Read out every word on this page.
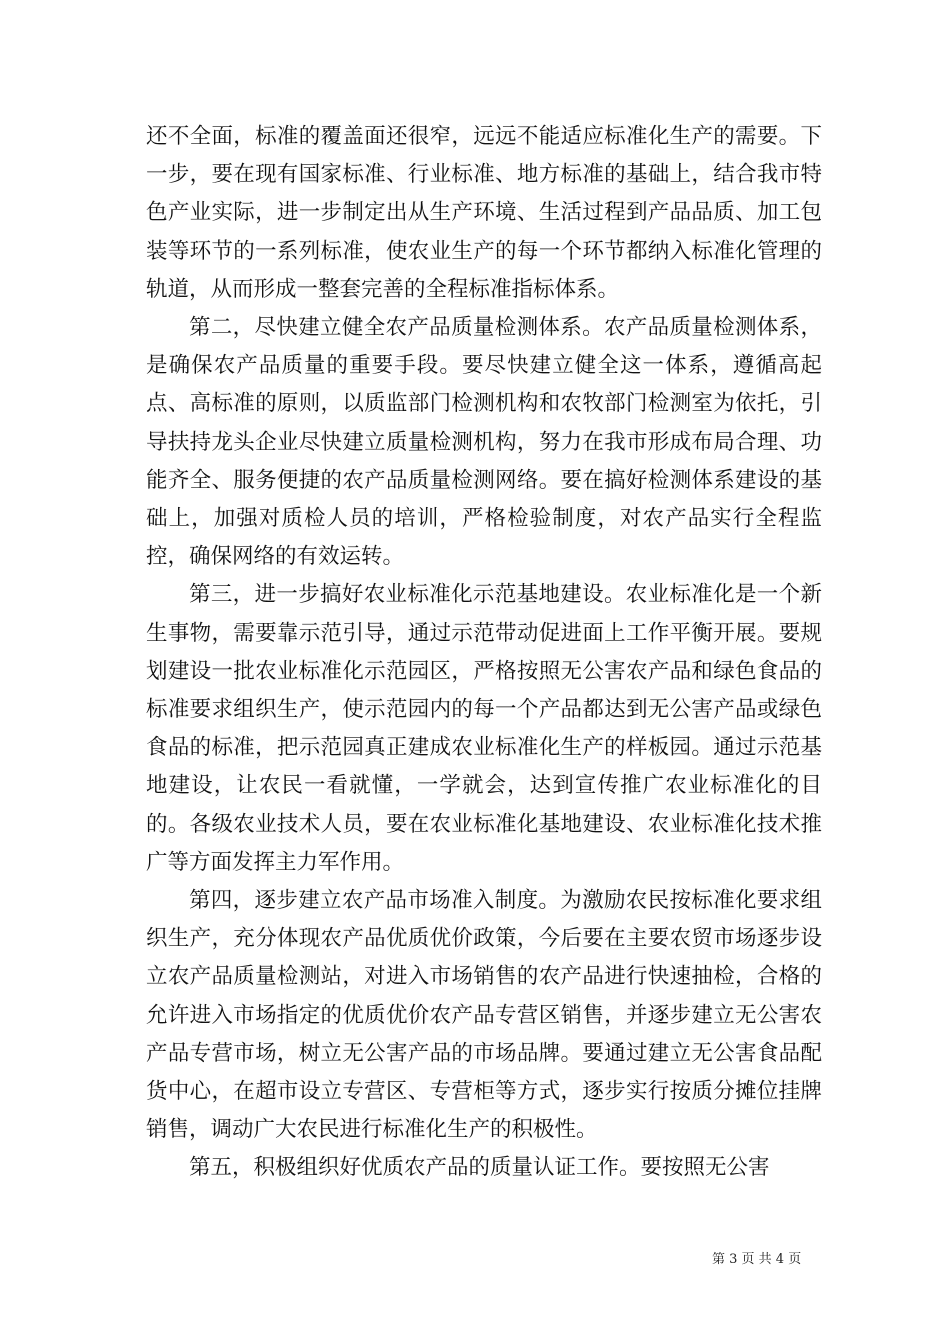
还不全面，标准的覆盖面还很窄，远远不能适应标准化生产的需要。下一步，要在现有国家标准、行业标准、地方标准的基础上，结合我市特色产业实际，进一步制定出从生产环境、生活过程到产品品质、加工包装等环节的一系列标准，使农业生产的每一个环节都纳入标准化管理的轨道，从而形成一整套完善的全程标准指标体系。

第二，尽快建立健全农产品质量检测体系。农产品质量检测体系，是确保农产品质量的重要手段。要尽快建立健全这一体系，遵循高起点、高标准的原则，以质监部门检测机构和农牧部门检测室为依托，引导扶持龙头企业尽快建立质量检测机构，努力在我市形成布局合理、功能齐全、服务便捷的农产品质量检测网络。要在搞好检测体系建设的基础上，加强对质检人员的培训，严格检验制度，对农产品实行全程监控，确保网络的有效运转。

第三，进一步搞好农业标准化示范基地建设。农业标准化是一个新生事物，需要靠示范引导，通过示范带动促进面上工作平衡开展。要规划建设一批农业标准化示范园区，严格按照无公害农产品和绿色食品的标准要求组织生产，使示范园内的每一个产品都达到无公害产品或绿色食品的标准，把示范园真正建成农业标准化生产的样板园。通过示范基地建设，让农民一看就懂，一学就会，达到宣传推广农业标准化的目的。各级农业技术人员，要在农业标准化基地建设、农业标准化技术推广等方面发挥主力军作用。

第四，逐步建立农产品市场准入制度。为激励农民按标准化要求组织生产，充分体现农产品优质优价政策，今后要在主要农贸市场逐步设立农产品质量检测站，对进入市场销售的农产品进行快速抽检，合格的允许进入市场指定的优质优价农产品专营区销售，并逐步建立无公害农产品专营市场，树立无公害产品的市场品牌。要通过建立无公害食品配货中心，在超市设立专营区、专营柜等方式，逐步实行按质分摊位挂牌销售，调动广大农民进行标准化生产的积极性。

第五，积极组织好优质农产品的质量认证工作。要按照无公害

第 3 页 共 4 页
